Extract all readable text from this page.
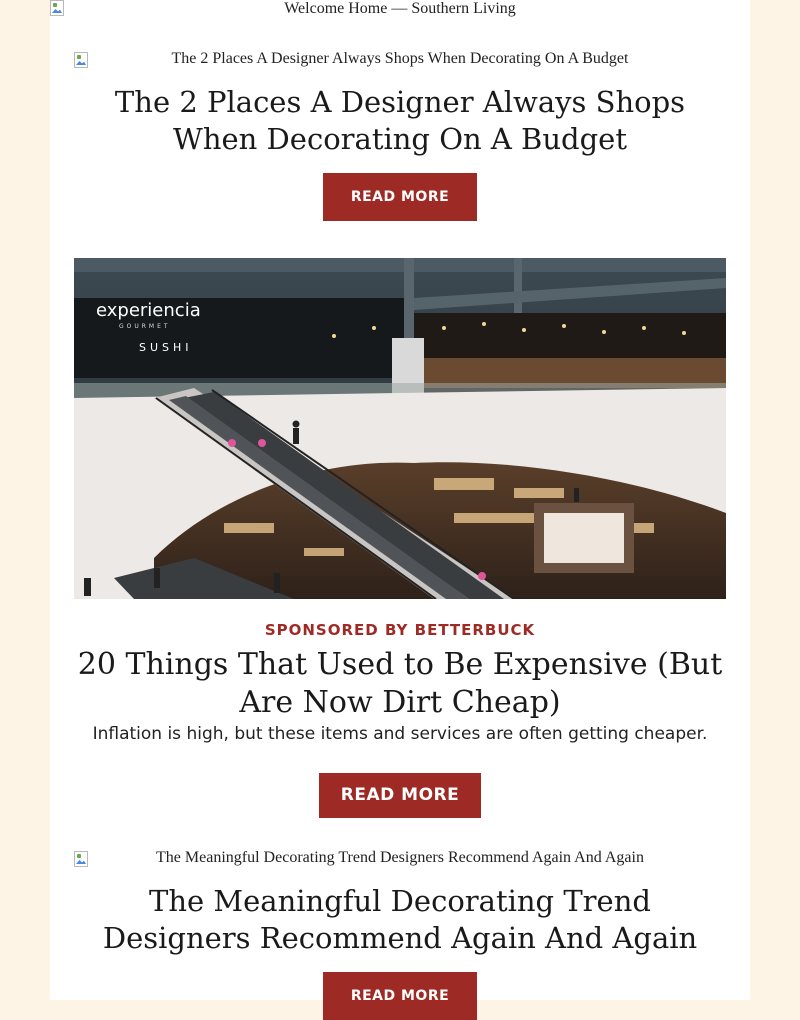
Welcome Home — Southern Living
The 2 Places A Designer Always Shops When Decorating On A Budget
The 2 Places A Designer Always Shops
When Decorating On A Budget
READ MORE
experiencia
GOURMET
SUSHI
SPONSORED BY BETTERBUCK
20 Things That Used to Be Expensive (But
Are Now Dirt Cheap)
Inflation is high, but these items and services are often getting cheaper.
READ MORE
The Meaningful Decorating Trend Designers Recommend Again And Again
The Meaningful Decorating Trend
Designers Recommend Again And Again
READ MORE
